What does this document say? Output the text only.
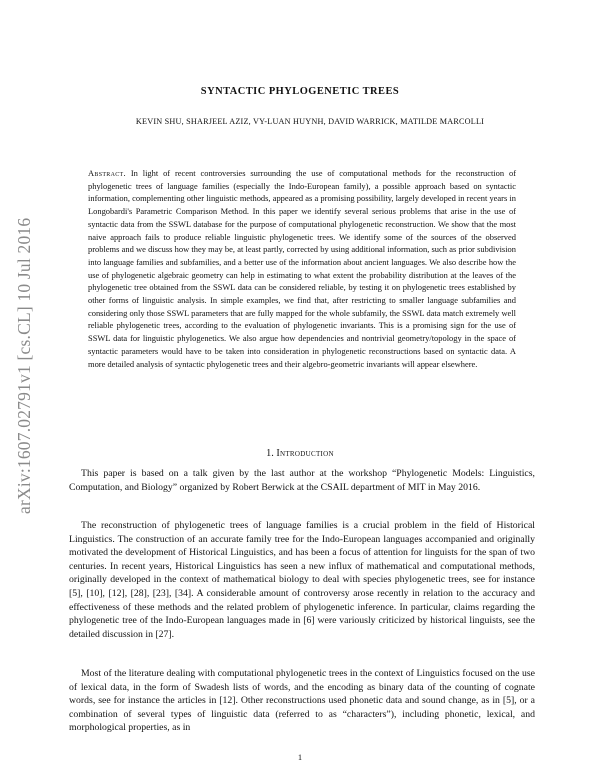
arXiv:1607.02791v1 [cs.CL] 10 Jul 2016
SYNTACTIC PHYLOGENETIC TREES
KEVIN SHU, SHARJEEL AZIZ, VY-LUAN HUYNH, DAVID WARRICK, MATILDE MARCOLLI

Abstract. In light of recent controversies surrounding the use of computational methods for the reconstruction of phylogenetic trees of language families (especially the Indo-European family), a possible approach based on syntactic information, complementing other linguistic methods, appeared as a promising possibility, largely developed in recent years in Longobardi's Parametric Comparison Method. In this paper we identify several serious problems that arise in the use of syntactic data from the SSWL database for the purpose of computational phylogenetic reconstruction. We show that the most naive approach fails to produce reliable linguistic phylogenetic trees. We identify some of the sources of the observed problems and we discuss how they may be, at least partly, corrected by using additional information, such as prior subdivision into language families and subfamilies, and a better use of the information about ancient languages. We also describe how the use of phylogenetic algebraic geometry can help in estimating to what extent the probability distribution at the leaves of the phylogenetic tree obtained from the SSWL data can be considered reliable, by testing it on phylogenetic trees established by other forms of linguistic analysis. In simple examples, we find that, after restricting to smaller language subfamilies and considering only those SSWL parameters that are fully mapped for the whole subfamily, the SSWL data match extremely well reliable phylogenetic trees, according to the evaluation of phylogenetic invariants. This is a promising sign for the use of SSWL data for linguistic phylogenetics. We also argue how dependencies and nontrivial geometry/topology in the space of syntactic parameters would have to be taken into consideration in phylogenetic reconstructions based on syntactic data. A more detailed analysis of syntactic phylogenetic trees and their algebro-geometric invariants will appear elsewhere.

1. Introduction

This paper is based on a talk given by the last author at the workshop “Phylogenetic Models: Linguistics, Computation, and Biology” organized by Robert Berwick at the CSAIL department of MIT in May 2016.

The reconstruction of phylogenetic trees of language families is a crucial problem in the field of Historical Linguistics. The construction of an accurate family tree for the Indo-European languages accompanied and originally motivated the development of Historical Linguistics, and has been a focus of attention for linguists for the span of two centuries. In recent years, Historical Linguistics has seen a new influx of mathematical and computational methods, originally developed in the context of mathematical biology to deal with species phylogenetic trees, see for instance [5], [10], [12], [28], [23], [34]. A considerable amount of controversy arose recently in relation to the accuracy and effectiveness of these methods and the related problem of phylogenetic inference. In particular, claims regarding the phylogenetic tree of the Indo-European languages made in [6] were variously criticized by historical linguists, see the detailed discussion in [27].

Most of the literature dealing with computational phylogenetic trees in the context of Linguistics focused on the use of lexical data, in the form of Swadesh lists of words, and the encoding as binary data of the counting of cognate words, see for instance the articles in [12]. Other reconstructions used phonetic data and sound change, as in [5], or a combination of several types of linguistic data (referred to as “characters”), including phonetic, lexical, and morphological properties, as in

1
